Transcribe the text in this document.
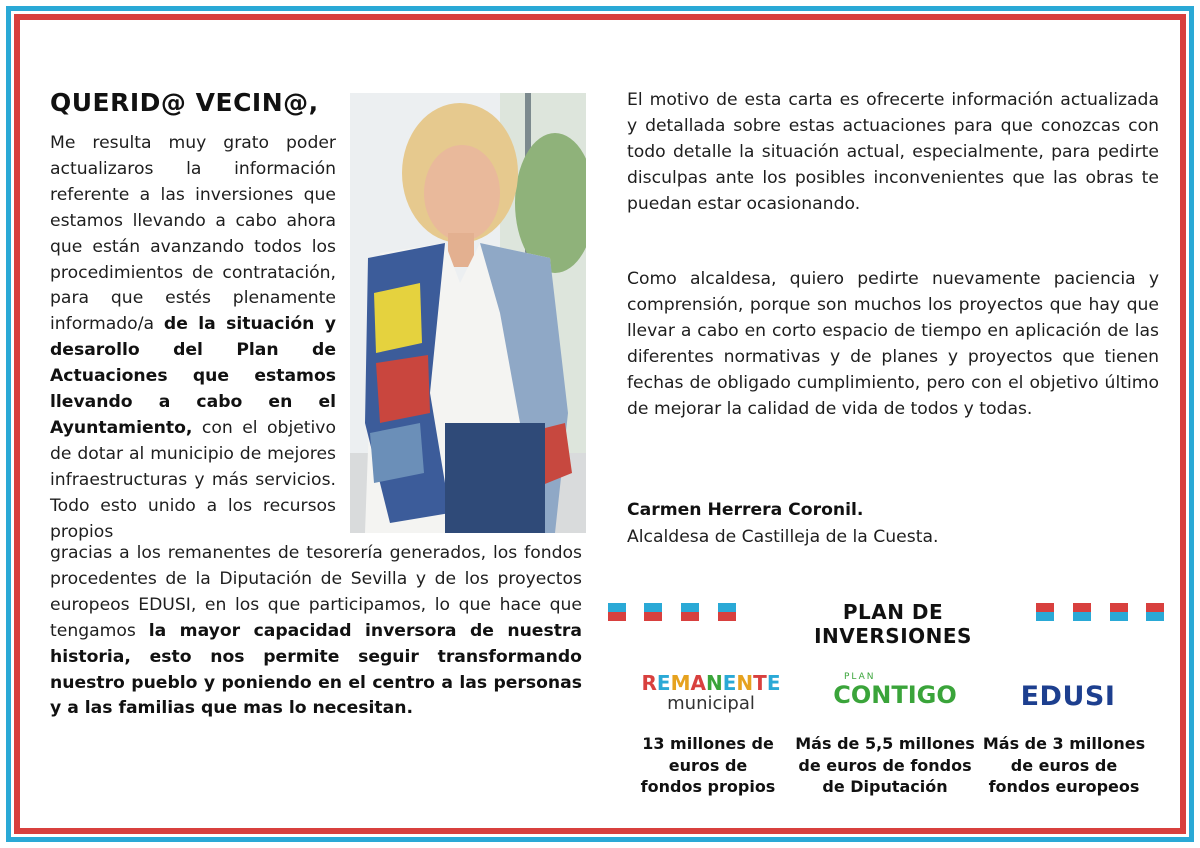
QUERID@ VECIN@,
Me resulta muy grato poder actualizaros la información referente a las inversiones que estamos llevando a cabo ahora que están avanzando todos los procedimientos de contratación, para que estés plenamente informado/a de la situación y desarollo del Plan de Actuaciones que estamos llevando a cabo en el Ayuntamiento, con el objetivo de dotar al municipio de mejores infraestructuras y más servicios. Todo esto unido a los recursos propios
gracias a los remanentes de tesorería generados, los fondos procedentes de la Diputación de Sevilla y de los proyectos europeos EDUSI, en los que participamos, lo que hace que tengamos la mayor capacidad inversora de nuestra historia, esto nos permite seguir transformando nuestro pueblo y poniendo en el centro a las personas y a las familias que mas lo necesitan.
El motivo de esta carta es ofrecerte información actualizada y detallada sobre estas actuaciones para que conozcas con todo detalle la situación actual, especialmente, para pedirte disculpas ante los posibles inconvenientes que las obras te puedan estar ocasionando.
Como alcaldesa, quiero pedirte nuevamente paciencia y comprensión, porque son muchos los proyectos que hay que llevar a cabo en corto espacio de tiempo en aplicación de las diferentes normativas y de planes y proyectos que tienen fechas de obligado cumplimiento, pero con el objetivo último de mejorar la calidad de vida de todos y todas.
Carmen Herrera Coronil.
Alcaldesa de Castilleja de la Cuesta.
PLAN DE INVERSIONES
REMANENTE
municipal
PLAN
CONTIGO	EDUSI
13 millones de
euros de
fondos propios
Más de 5,5 millones
de euros de fondos
de Diputación
Más de 3 millones
de euros de
fondos europeos
